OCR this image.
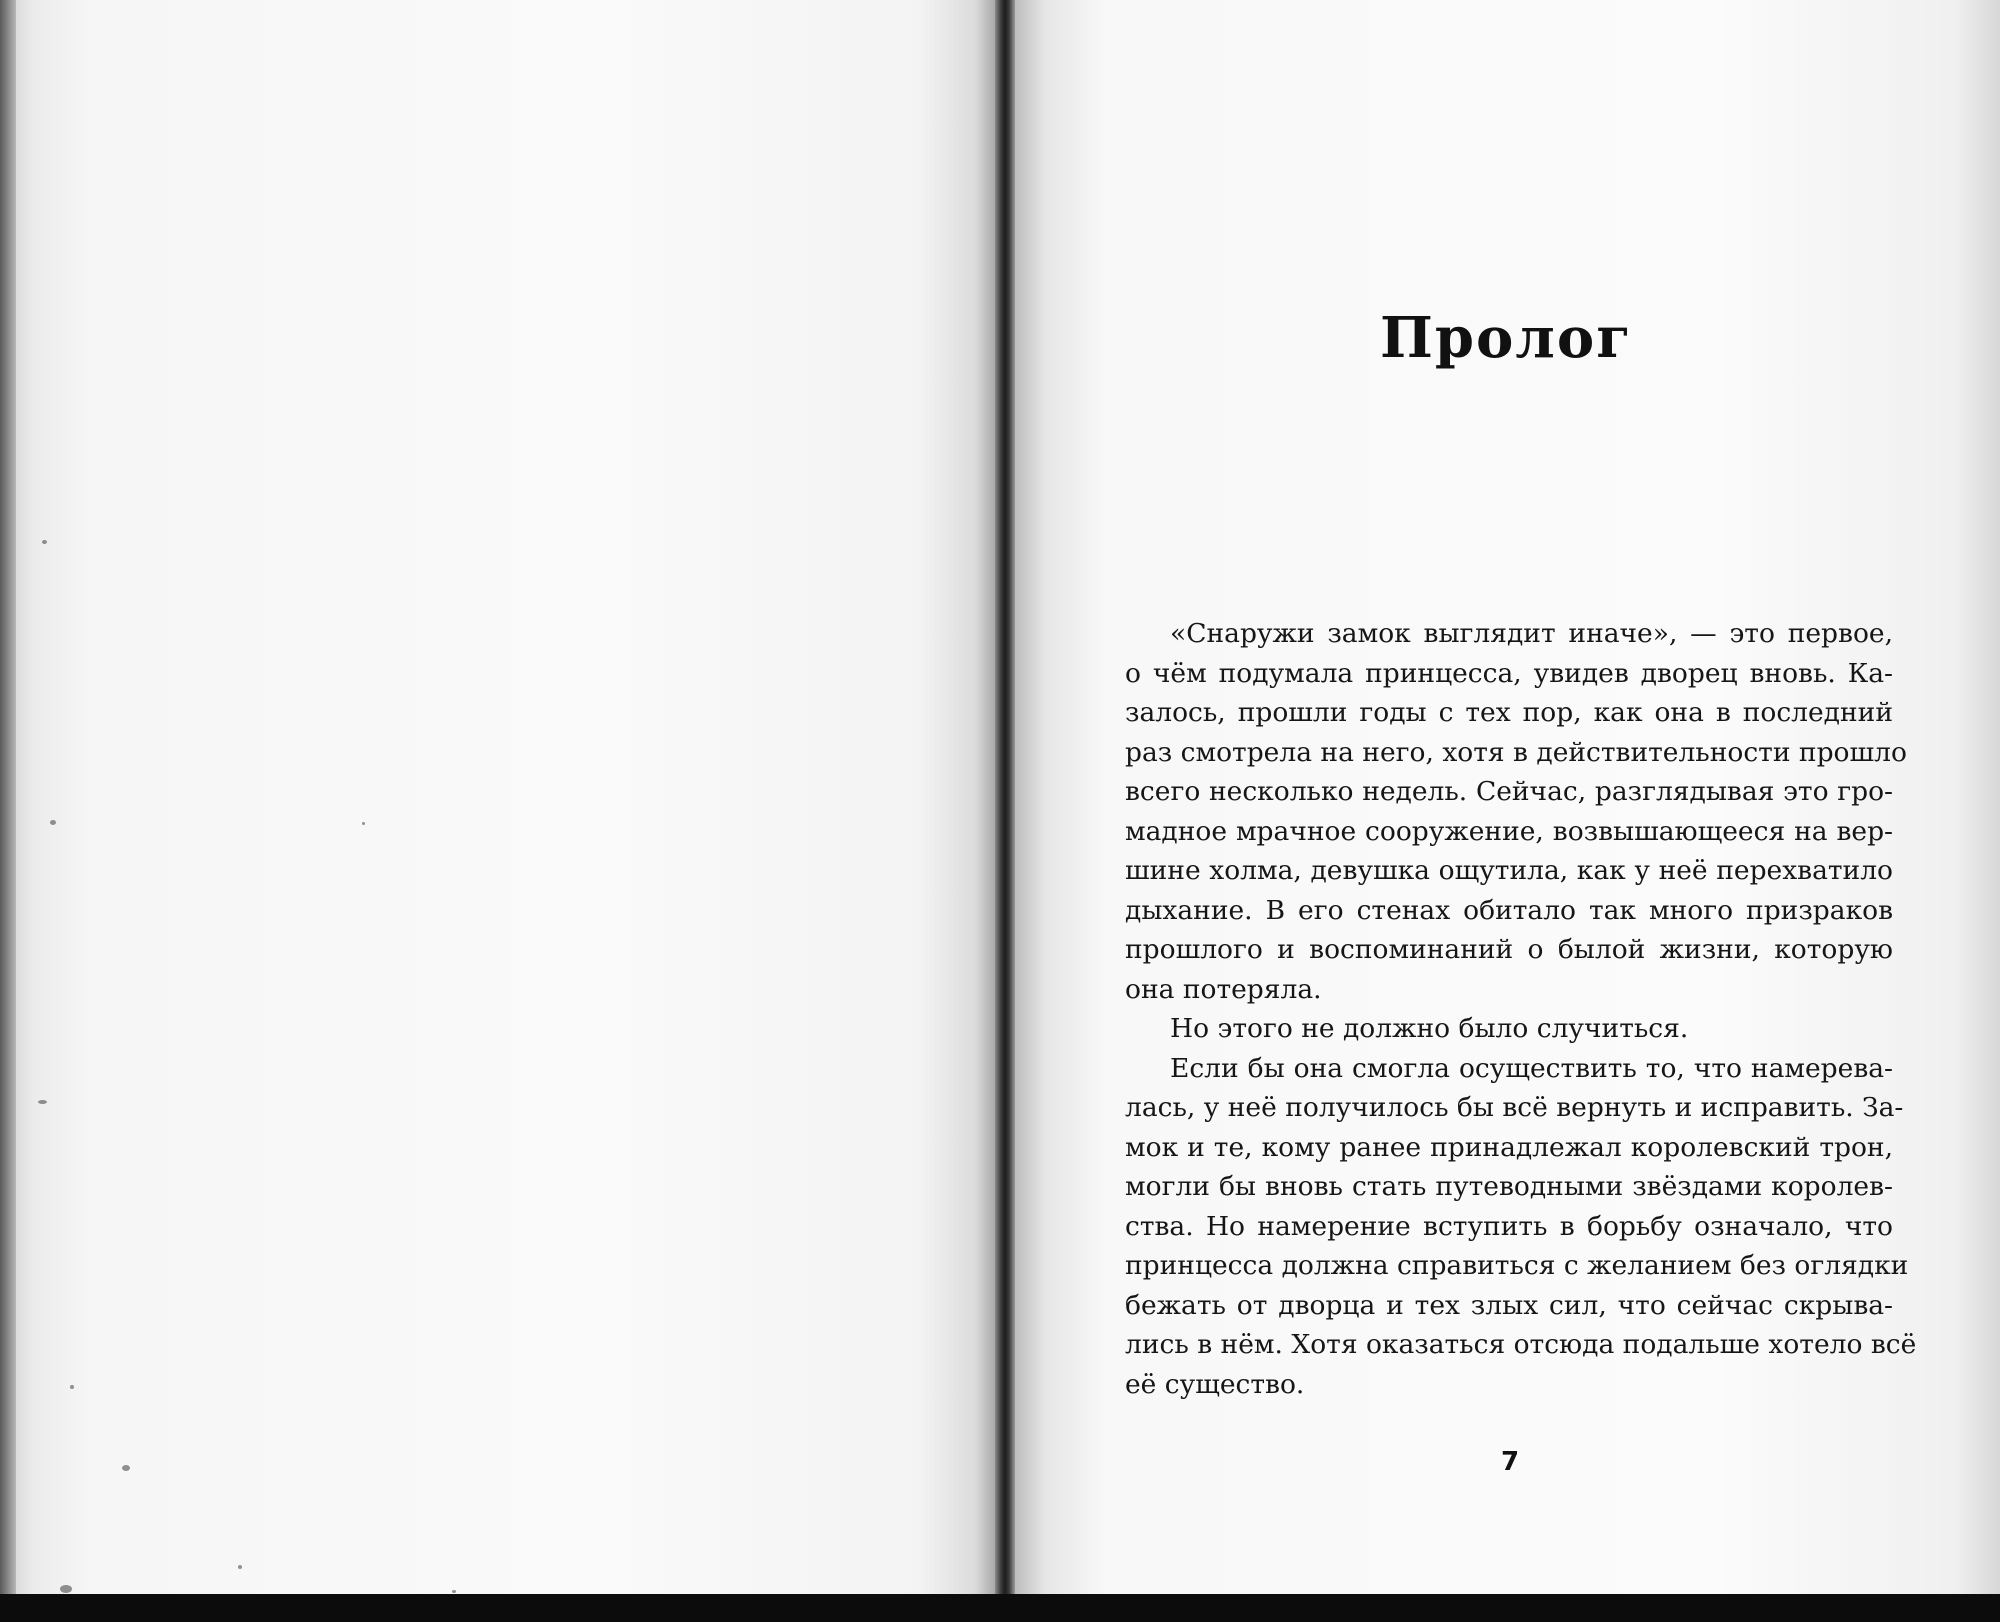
Пролог
«Снаружи замок выглядит иначе», — это первое,
о чём подумала принцесса, увидев дворец вновь. Ка-
залось, прошли годы с тех пор, как она в последний
раз смотрела на него, хотя в действительности прошло
всего несколько недель. Сейчас, разглядывая это гро-
мадное мрачное сооружение, возвышающееся на вер-
шине холма, девушка ощутила, как у неё перехватило
дыхание. В его стенах обитало так много призраков
прошлого и воспоминаний о былой жизни, которую
она потеряла.
Но этого не должно было случиться.
Если бы она смогла осуществить то, что намерева-
лась, у неё получилось бы всё вернуть и исправить. За-
мок и те, кому ранее принадлежал королевский трон,
могли бы вновь стать путеводными звёздами королев-
ства. Но намерение вступить в борьбу означало, что
принцесса должна справиться с желанием без оглядки
бежать от дворца и тех злых сил, что сейчас скрыва-
лись в нём. Хотя оказаться отсюда подальше хотело всё
её существо.

7
